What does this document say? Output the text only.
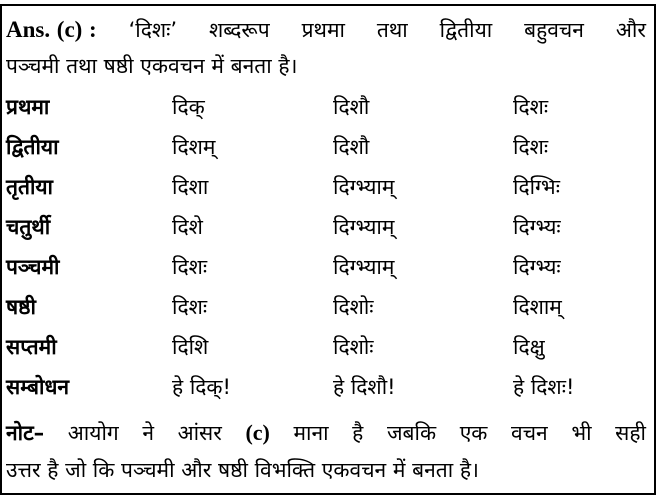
Ans. (c) : ‘दिशः’ शब्दरूप प्रथमा तथा द्वितीया बहुवचन और
पञ्चमी तथा षष्ठी एकवचन में बनता है।
प्रथमा	दिक्	दिशौ	दिशः
द्वितीया	दिशम्	दिशौ	दिशः
तृतीया	दिशा	दिग्भ्याम्	दिग्भिः
चतुर्थी	दिशे	दिग्भ्याम्	दिग्भ्यः
पञ्चमी	दिशः	दिग्भ्याम्	दिग्भ्यः
षष्ठी	दिशः	दिशोः	दिशाम्
सप्तमी	दिशि	दिशोः	दिक्षु
सम्बोधन	हे दिक्!	हे दिशौ!	हे दिशः!
नोट– आयोग ने आंसर (c) माना है जबकि एक वचन भी सही
उत्तर है जो कि पञ्चमी और षष्ठी विभक्ति एकवचन में बनता है।
